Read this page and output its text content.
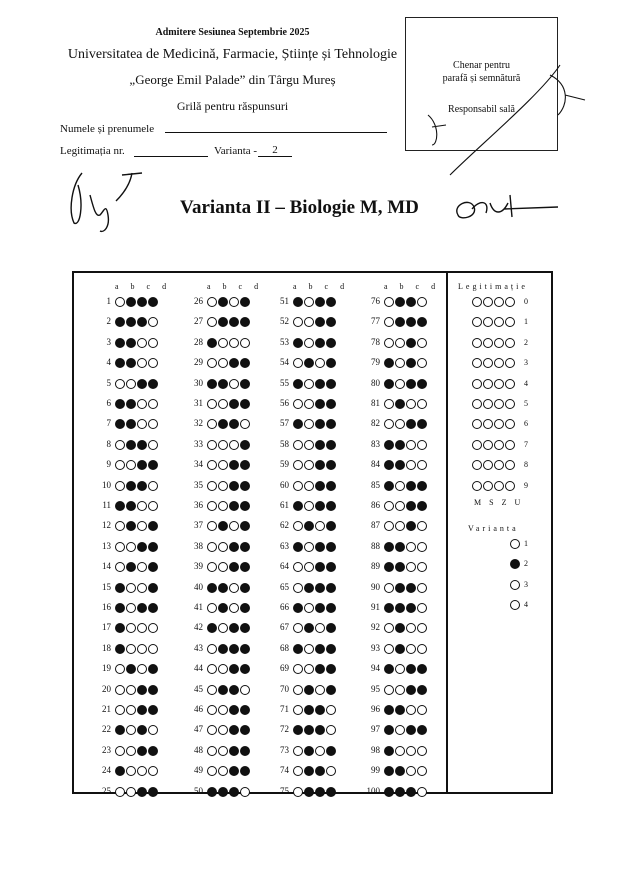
Admitere Sesiunea Septembrie 2025
Universitatea de Medicină, Farmacie, Științe și Tehnologie
„George Emil Palade” din Târgu Mureș
Grilă pentru răspunsuri
Numele și prenumele
Legitimația nr.	Varianta -	2
Chenar pentru
parafă și semnătură
Responsabil sală
Varianta II – Biologie M, MD
a b c d
1
2
3
4
5
6
7
8
9
10
11
12
13
14
15
16
17
18
19
20
21
22
23
24
25
a b c d
26
27
28
29
30
31
32
33
34
35
36
37
38
39
40
41
42
43
44
45
46
47
48
49
50
a b c d
51
52
53
54
55
56
57
58
59
60
61
62
63
64
65
66
67
68
69
70
71
72
73
74
75
a b c d
76
77
78
79
80
81
82
83
84
85
86
87
88
89
90
91
92
93
94
95
96
97
98
99
100
Legitimație
0
1
2
3
4
5
6
7
8
9
M S Z U
Varianta
1
2
3
4
